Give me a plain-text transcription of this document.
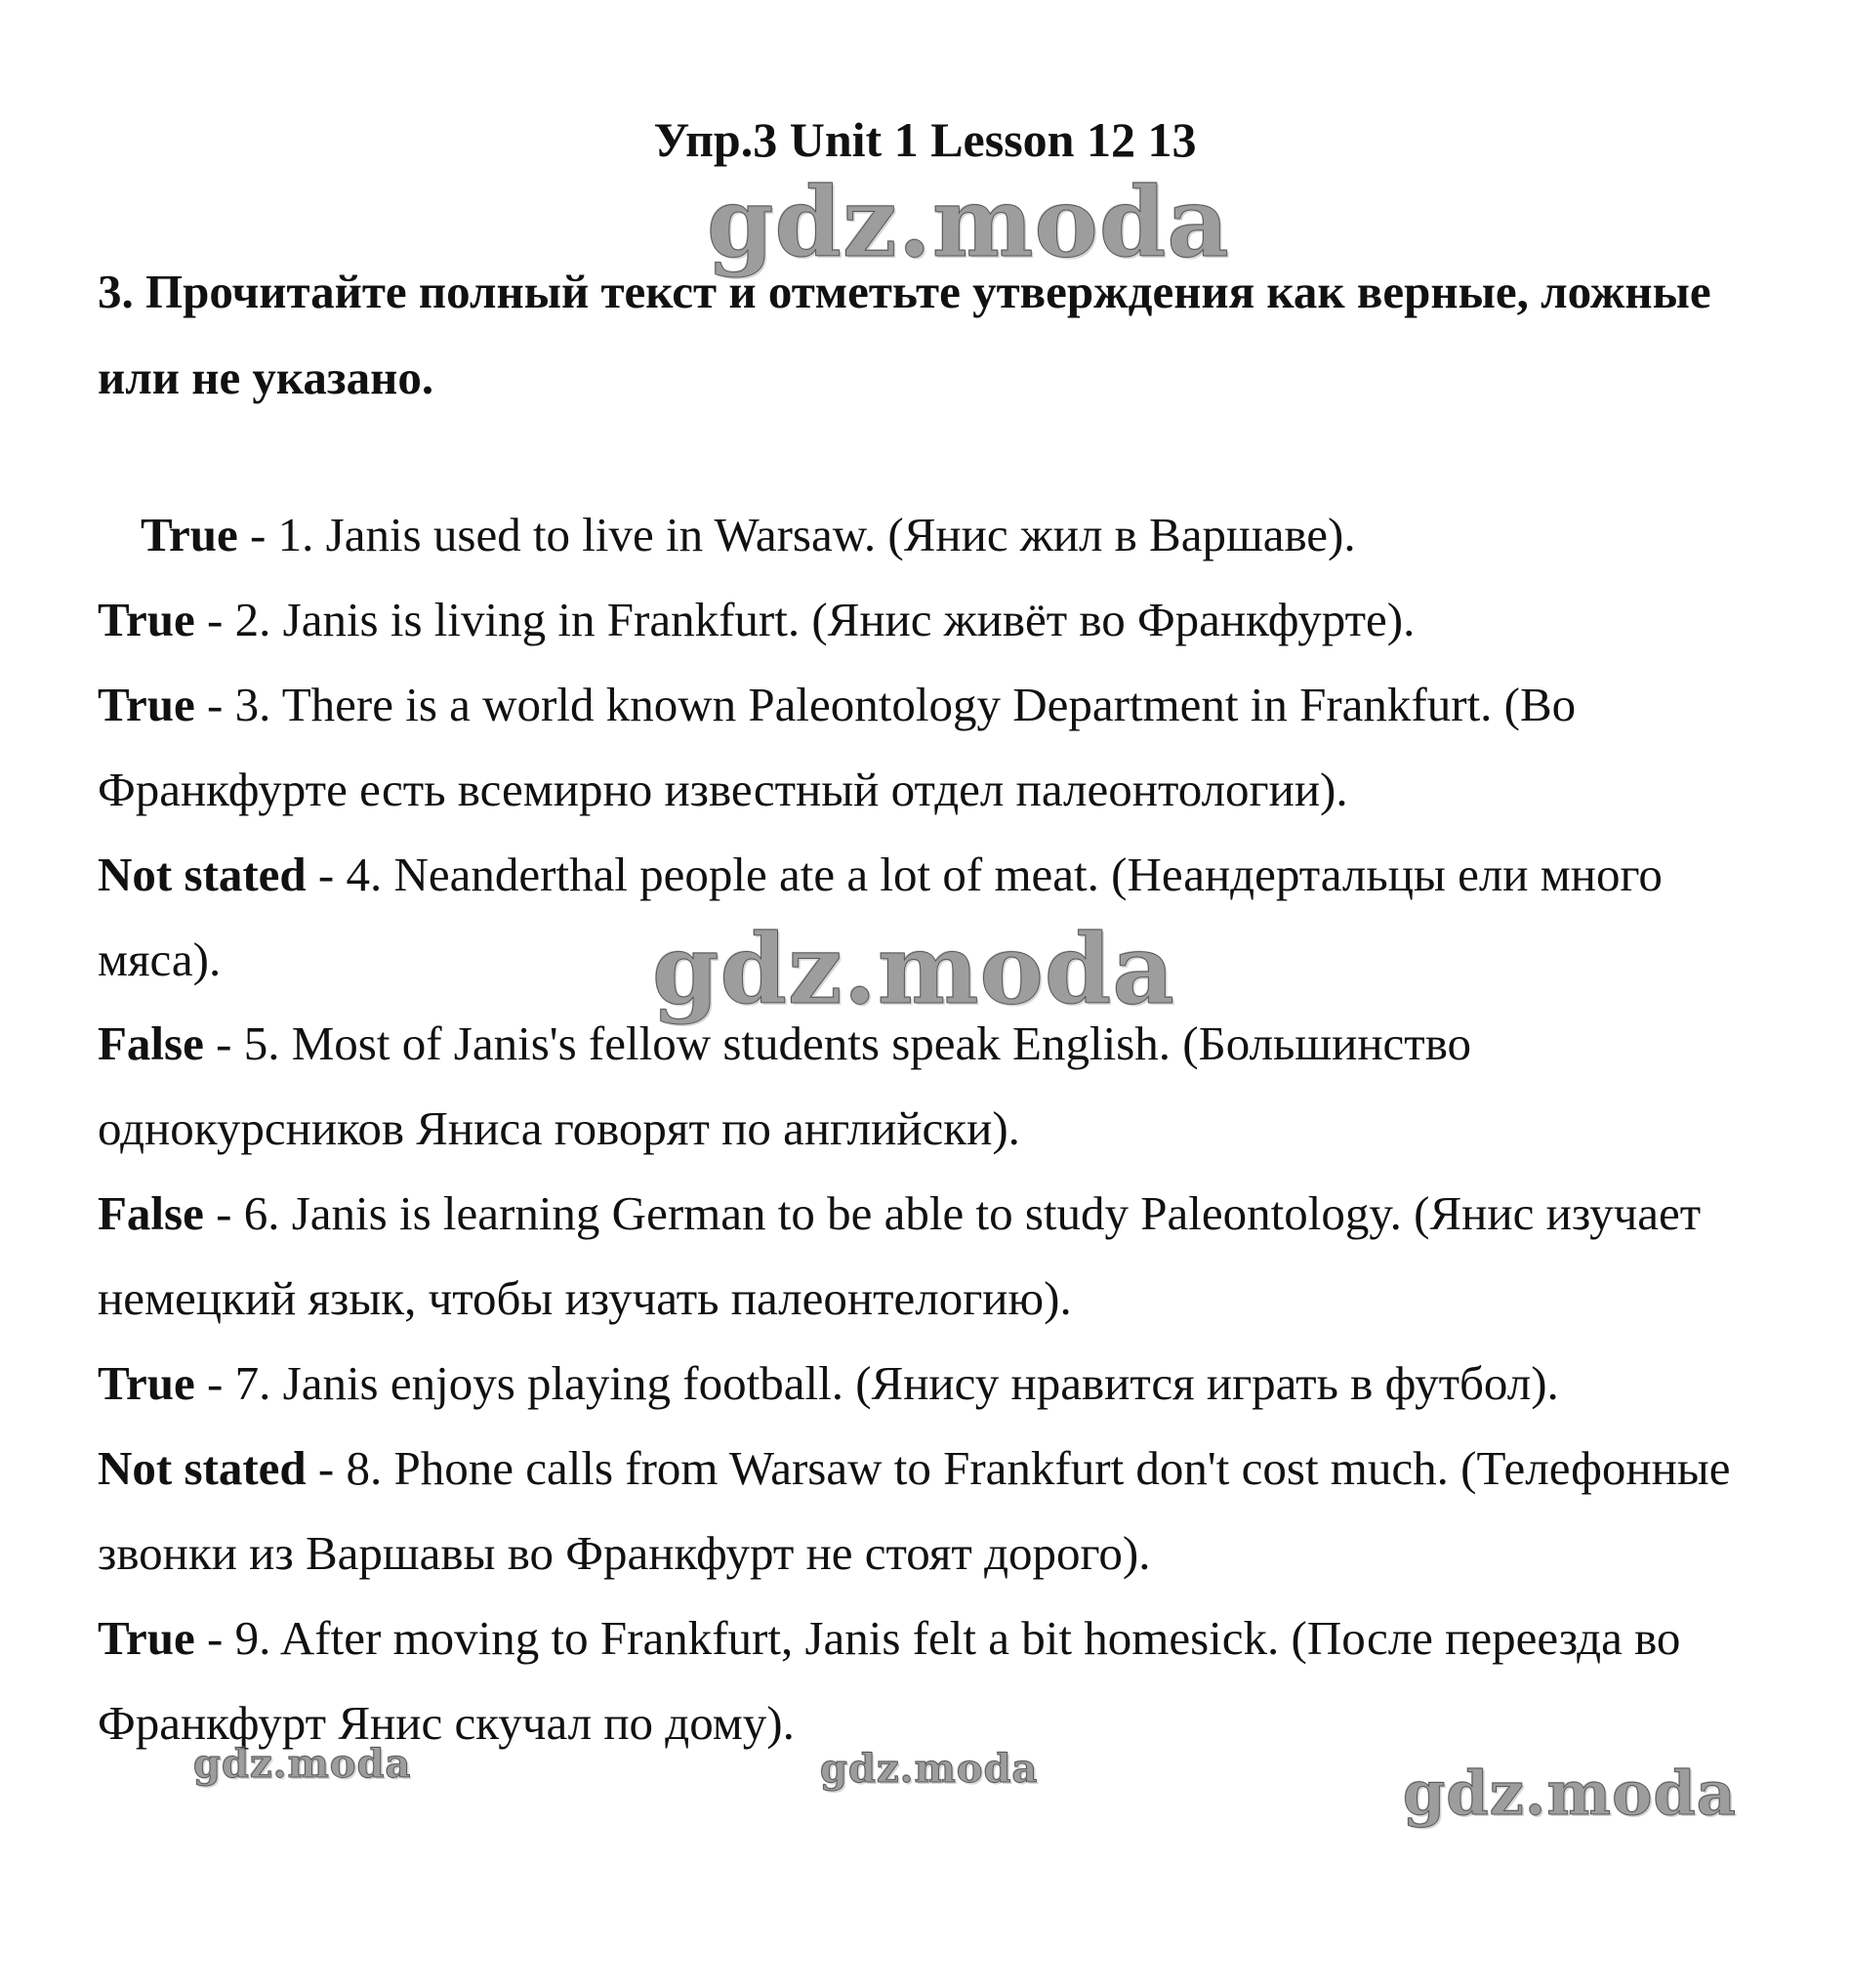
Упр.3 Unit 1 Lesson 12 13
gdz.moda

3. Прочитайте полный текст и отметьте утверждения как верные, ложные или не указано.

True - 1. Janis used to live in Warsaw. (Янис жил в Варшаве).
True - 2. Janis is living in Frankfurt. (Янис живёт во Франкфурте).
True - 3. There is a world known Paleontology Department in Frankfurt. (Во Франкфурте есть всемирно известный отдел палеонтологии).
Not stated - 4. Neanderthal people ate a lot of meat. (Неандертальцы ели много мяса).
False - 5. Most of Janis's fellow students speak English. (Большинство однокурсников Яниса говорят по английски).
False - 6. Janis is learning German to be able to study Paleontology. (Янис изучает немецкий язык, чтобы изучать палеонтелогию).
True - 7. Janis enjoys playing football. (Янису нравится играть в футбол).
Not stated - 8. Phone calls from Warsaw to Frankfurt don't cost much. (Телефонные звонки из Варшавы во Франкфурт не стоят дорого).
True - 9. After moving to Frankfurt, Janis felt a bit homesick. (После переезда во Франкфурт Янис скучал по дому).
gdz.moda
gdz.moda	gdz.moda	gdz.moda
